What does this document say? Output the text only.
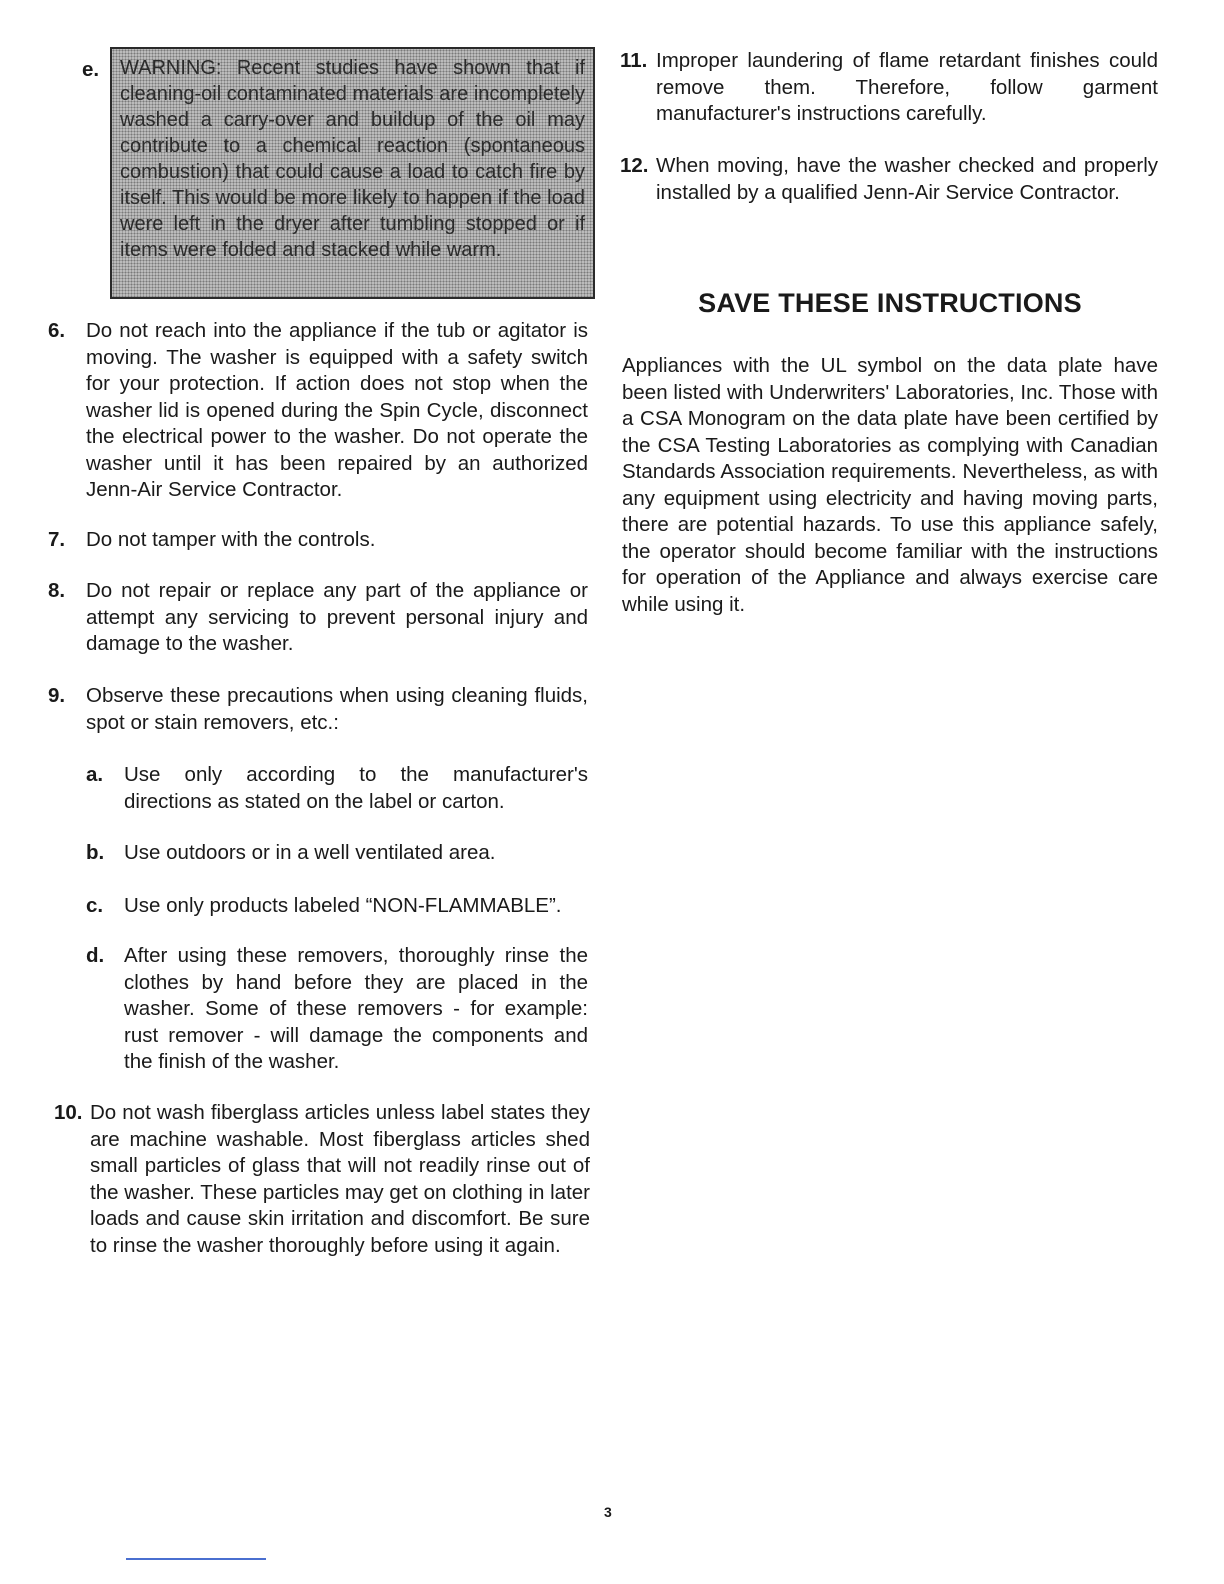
e.	WARNING: Recent studies have shown that if cleaning-oil contaminated materials are incompletely washed a carry-over and buildup of the oil may contribute to a chemical reaction (spontaneous combustion) that could cause a load to catch fire by itself. This would be more likely to happen if the load were left in the dryer after tumbling stopped or if items were folded and stacked while warm.
6.	Do not reach into the appliance if the tub or agitator is moving. The washer is equipped with a safety switch for your protection. If action does not stop when the washer lid is opened during the Spin Cycle, disconnect the electrical power to the washer. Do not operate the washer until it has been repaired by an authorized Jenn-Air Service Contractor.
7.	Do not tamper with the controls.
8.	Do not repair or replace any part of the appliance or attempt any servicing to prevent personal injury and damage to the washer.
9.	Observe these precautions when using cleaning fluids, spot or stain removers, etc.:
a.	Use only according to the manufacturer's directions as stated on the label or carton.
b. Use outdoors or in a well ventilated area.
c.	Use only products labeled “NON-FLAMMABLE”.
d. After using these removers, thoroughly rinse the clothes by hand before they are placed in the washer. Some of these removers - for example: rust remover - will damage the components and the finish of the washer.
10. Do not wash fiberglass articles unless label states they are machine washable. Most fiberglass articles shed small particles of glass that will not readily rinse out of the washer. These particles may get on clothing in later loads and cause skin irritation and discomfort. Be sure to rinse the washer thoroughly before using it again.
11. Improper laundering of flame retardant finishes could remove them. Therefore, follow garment manufacturer's instructions carefully.
12. When moving, have the washer checked and properly installed by a qualified Jenn-Air Service Contractor.
SAVE THESE INSTRUCTIONS
Appliances with the UL symbol on the data plate have been listed with Underwriters' Laboratories, Inc. Those with a CSA Monogram on the data plate have been certified by the CSA Testing Laboratories as complying with Canadian Standards Association requirements. Nevertheless, as with any equipment using electricity and having moving parts, there are potential hazards. To use this appliance safely, the operator should become familiar with the instructions for operation of the Appliance and always exercise care while using it.
3
